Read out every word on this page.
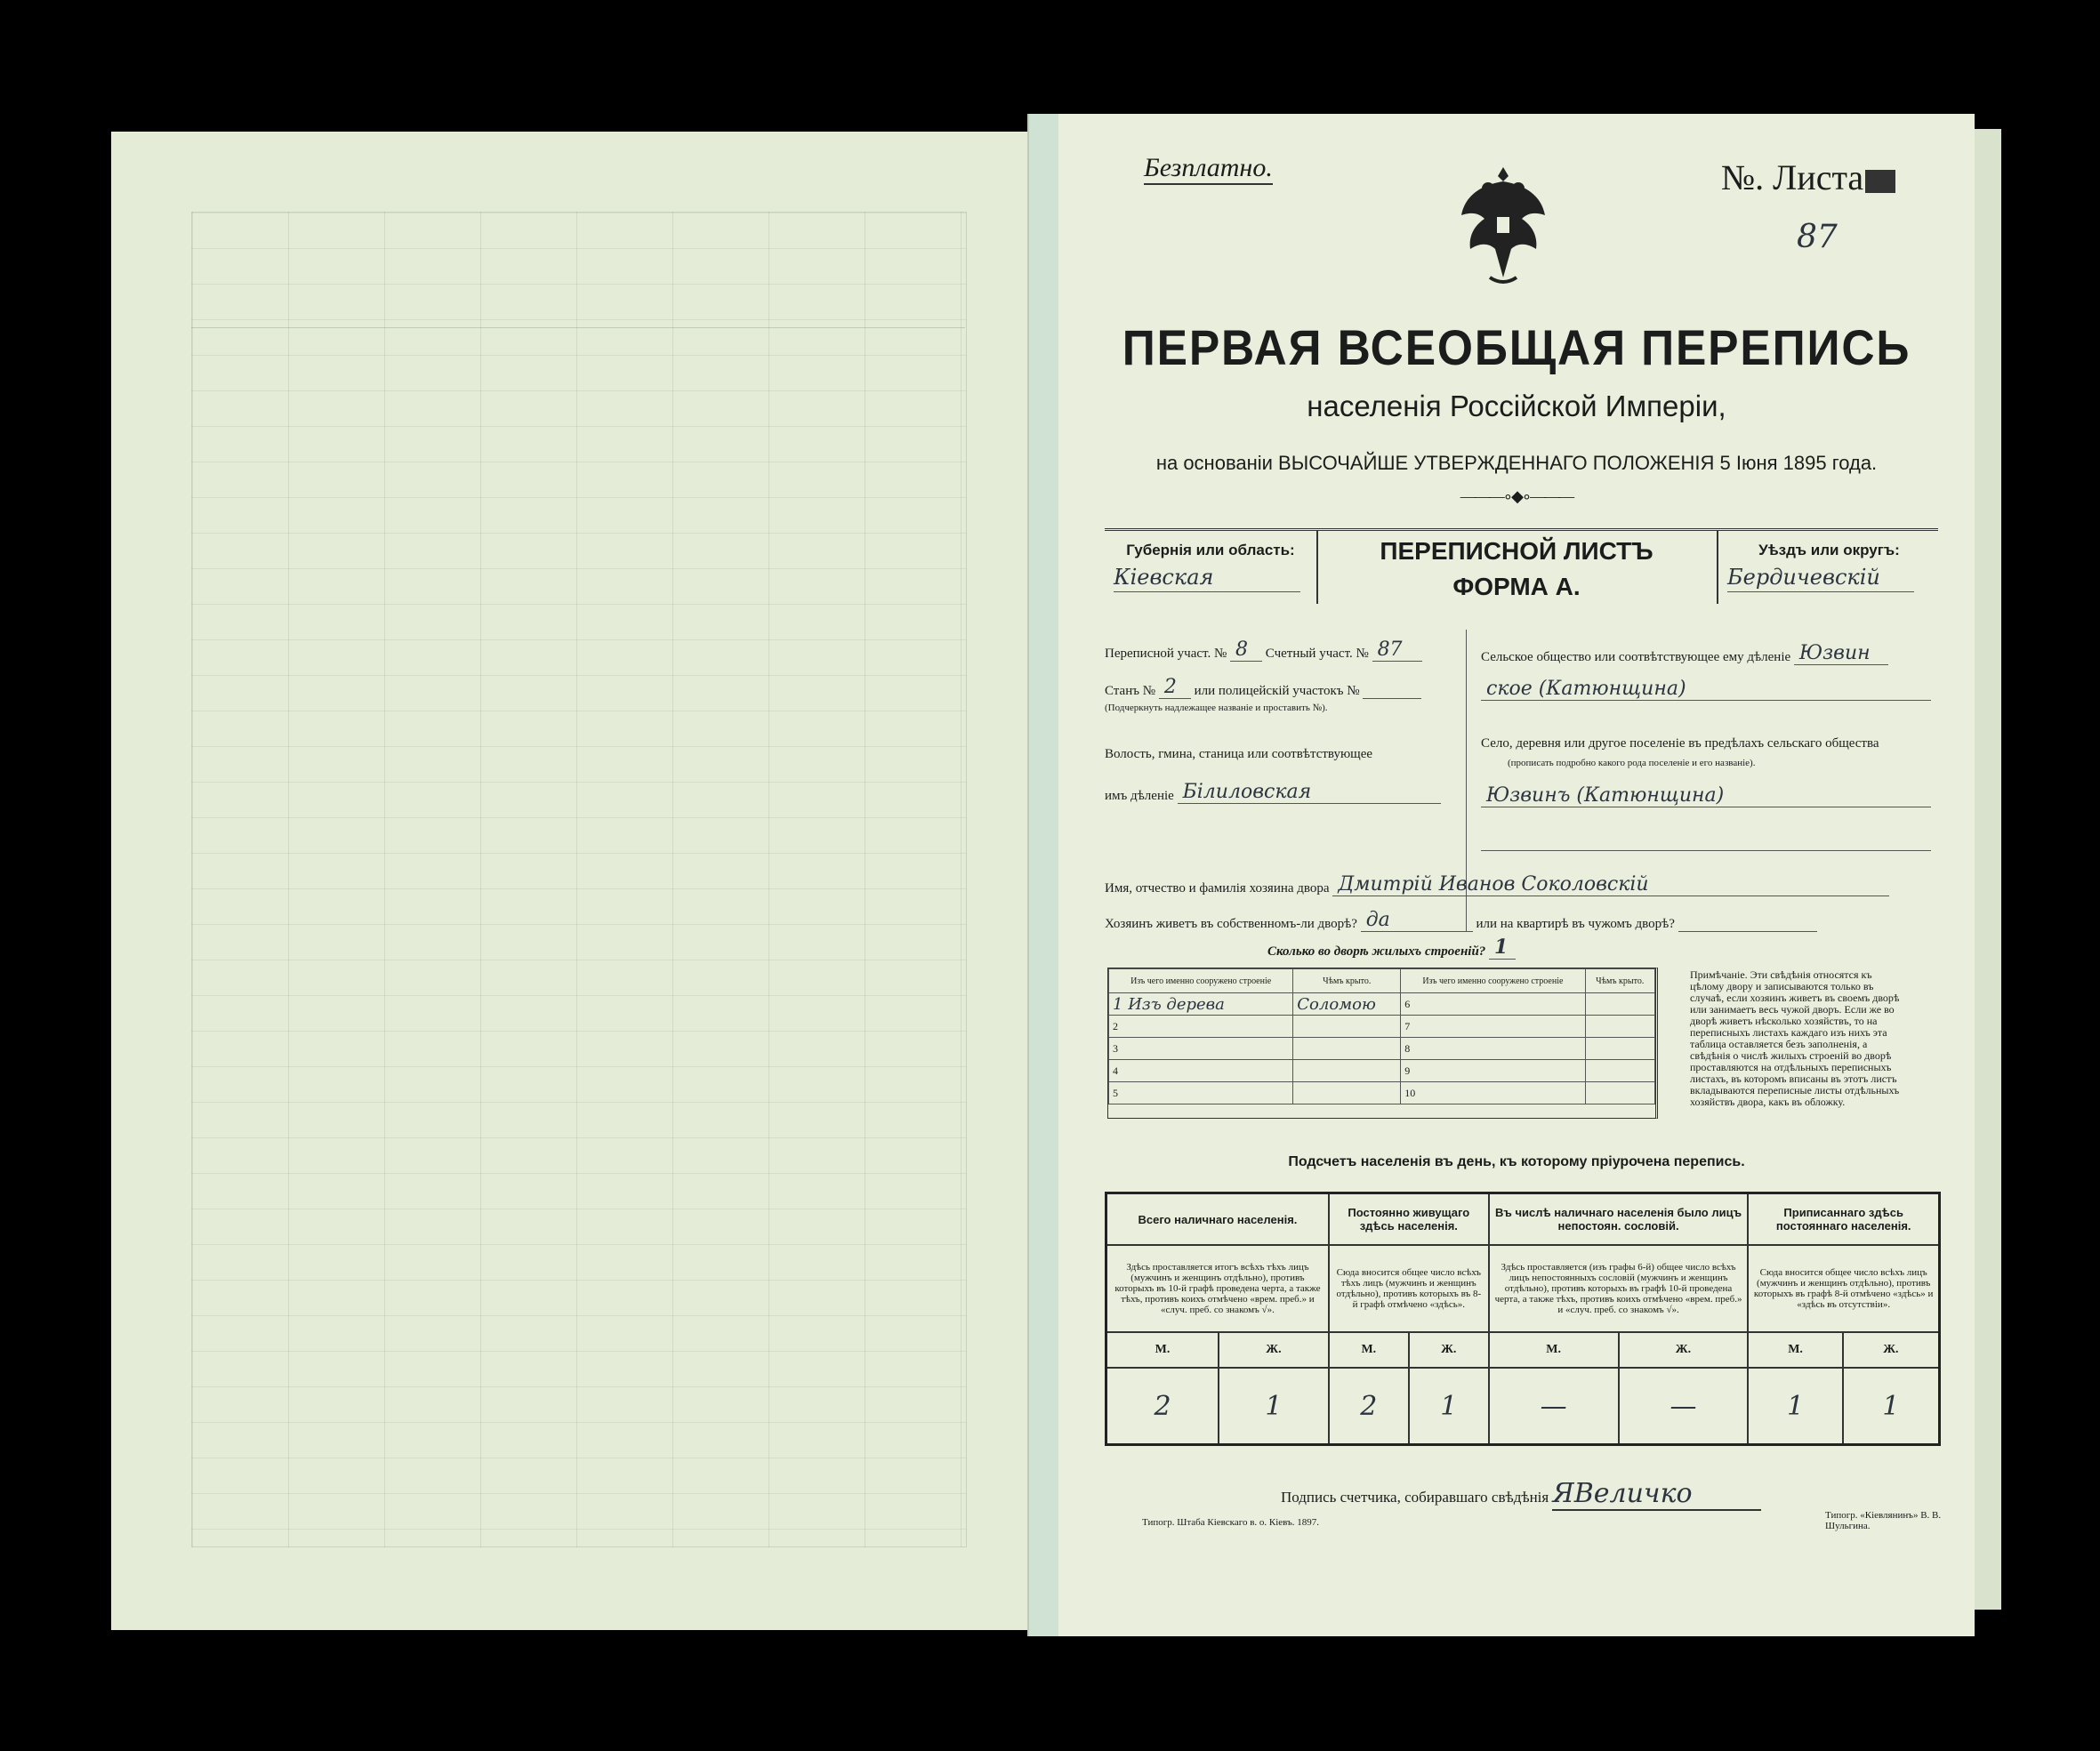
Безплатно.	№. Листа
87
ПЕРВАЯ ВСЕОБЩАЯ ПЕРЕПИСЬ
населенія Россійской Имперіи,
на основаніи ВЫСОЧАЙШЕ УТВЕРЖДЕННАГО ПОЛОЖЕНІЯ 5 Іюня 1895 года.
———∘◆∘———
Губернія или область:
Кіевская
ПЕРЕПИСНОЙ ЛИСТЪ
ФОРМА А.
Уѣздъ или округъ:
Бердичевскій
Переписной участ. № 8 Счетный участ. № 87
Станъ № 2 или полицейскій участокъ №
(Подчеркнуть надлежащее названіе и проставить №).
Волость, гмина, станица или соотвѣтствующее
имъ дѣленіе Білиловская
Сельское общество или соотвѣтствующее ему дѣленіе Юзвин
ское (Катюнщина)
Село, деревня или другое поселеніе въ предѣлахъ сельскаго общества
(прописать подробно какого рода поселеніе и его названіе).
Юзвинъ (Катюнщина)
Имя, отчество и фамилія хозяина двора Дмитрій Иванов Соколовскій
Хозяинъ живетъ въ собственномъ-ли дворѣ? да	или на квартирѣ въ чужомъ дворѣ?
Сколько во дворѣ жилыхъ строеній? 1
Изъ чего именно сооружено строеніе	Чѣмъ крыто.	Изъ чего именно сооружено строеніе	Чѣмъ крыто.
1 Изъ дерева	Соломою	6	
2		7	
3		8	
4		9	
5		10	
Примѣчаніе. Эти свѣдѣнія относятся къ цѣлому двору и записываются только въ случаѣ, если хозяинъ живетъ въ своемъ дворѣ или занимаетъ весь чужой дворъ. Если же во дворѣ живетъ нѣсколько хозяйствъ, то на переписныхъ листахъ каждаго изъ нихъ эта таблица оставляется безъ заполненія, а свѣдѣнія о числѣ жилыхъ строеній во дворѣ проставляются на отдѣльныхъ переписныхъ листахъ, въ которомъ вписаны въ этотъ листъ вкладываются переписные листы отдѣльныхъ хозяйствъ двора, какъ въ обложку.
Подсчетъ населенія въ день, къ которому пріурочена перепись.
Всего наличнаго населенія.		Постоянно живущаго здѣсь населенія.		Въ числѣ наличнаго населенія было лицъ непостоян. сословій.		Приписаннаго здѣсь постояннаго населенія.	
Здѣсь проставляется итогъ всѣхъ тѣхъ лицъ (мужчинъ и женщинъ отдѣльно), противъ которыхъ въ 10-й графѣ проведена черта, а также тѣхъ, противъ коихъ отмѣчено «врем. преб.» и «случ. преб. со знакомъ √».		Сюда вносится общее число всѣхъ тѣхъ лицъ (мужчинъ и женщинъ отдѣльно), противъ которыхъ въ 8-й графѣ отмѣчено «здѣсь».		Здѣсь проставляется (изъ графы 6-й) общее число всѣхъ лицъ непостоянныхъ сословій (мужчинъ и женщинъ отдѣльно), противъ которыхъ въ графѣ 10-й проведена черта, а также тѣхъ, противъ коихъ отмѣчено «врем. преб.» и «случ. преб. со знакомъ √».		Сюда вносится общее число всѣхъ лицъ (мужчинъ и женщинъ отдѣльно), противъ которыхъ въ графѣ 8-й отмѣчено «здѣсь» и «здѣсь въ отсутствіи».	
М.	Ж.	М.	Ж.	М.	Ж.	М.	Ж.
2	1	2	1	—	—	1	1
Подпись счетчика, собиравшаго свѣдѣнія ЯВеличко
Типогр. Штаба Кіевскаго в. о. Кіевъ. 1897.
Типогр. «Кіевлянинъ» В. В. Шульгина.
